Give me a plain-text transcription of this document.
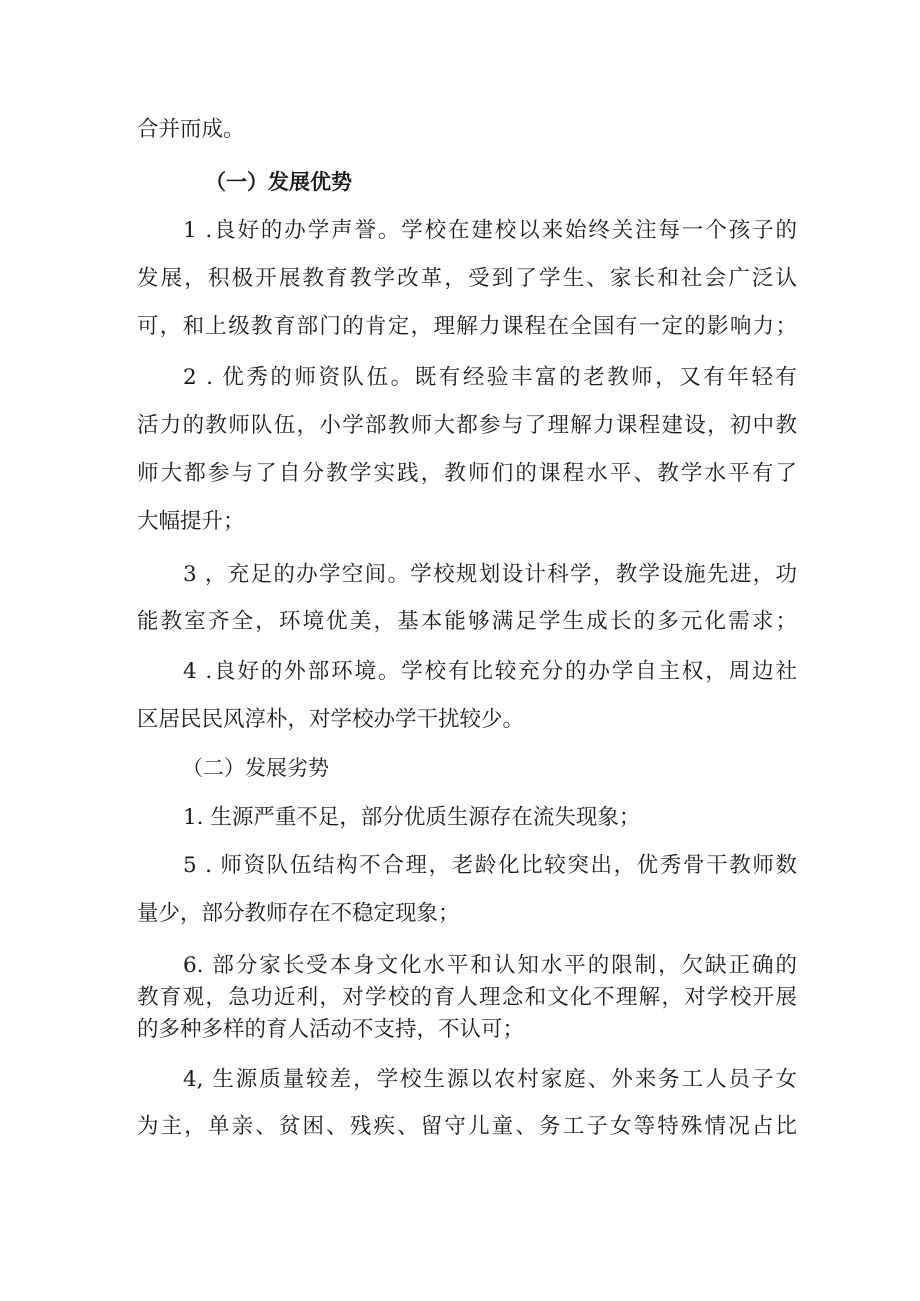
合并而成。
（一）发展优势
1 .良好的办学声誉。学校在建校以来始终关注每一个孩子的
发展，积极开展教育教学改革，受到了学生、家长和社会广泛认
可，和上级教育部门的肯定，理解力课程在全国有一定的影响力；
2 . 优秀的师资队伍。既有经验丰富的老教师，又有年轻有
活力的教师队伍，小学部教师大都参与了理解力课程建设，初中教
师大都参与了自分教学实践，教师们的课程水平、教学水平有了
大幅提升；
3 ，充足的办学空间。学校规划设计科学，教学设施先进，功
能教室齐全，环境优美，基本能够满足学生成长的多元化需求；
4 .良好的外部环境。学校有比较充分的办学自主权，周边社
区居民民风淳朴，对学校办学干扰较少。
（二）发展劣势
1. 生源严重不足，部分优质生源存在流失现象；
5 . 师资队伍结构不合理，老龄化比较突出，优秀骨干教师数
量少，部分教师存在不稳定现象；
6. 部分家长受本身文化水平和认知水平的限制，欠缺正确的
教育观，急功近利，对学校的育人理念和文化不理解，对学校开展
的多种多样的育人活动不支持，不认可；
4, 生源质量较差，学校生源以农村家庭、外来务工人员子女
为主，单亲、贫困、残疾、留守儿童、务工子女等特殊情况占比
